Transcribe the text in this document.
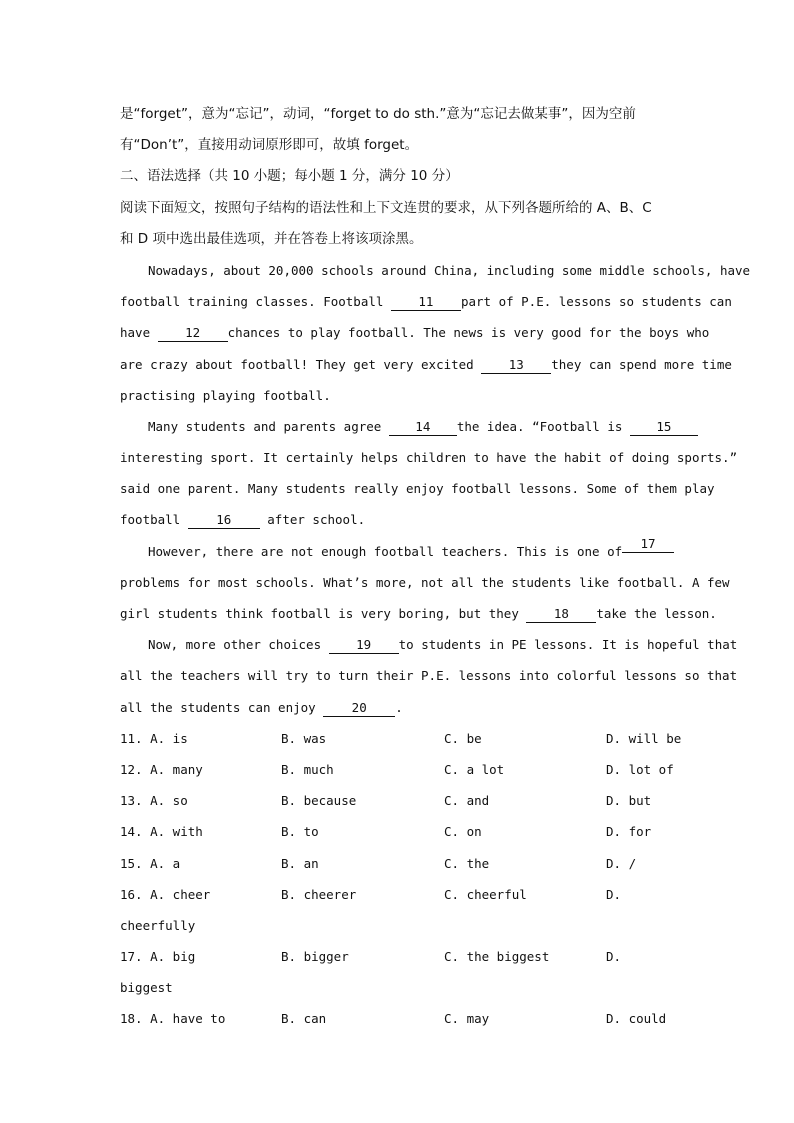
是“forget”，意为“忘记”，动词，“forget to do sth.”意为“忘记去做某事”，因为空前
有“Don’t”，直接用动词原形即可，故填 forget。
二、语法选择（共 10 小题；每小题 1 分，满分 10 分）
阅读下面短文，按照句子结构的语法性和上下文连贯的要求，从下列各题所给的 A、B、C
和 D 项中选出最佳选项，并在答卷上将该项涂黑。
Nowadays, about 20,000 schools around China, including some middle schools, have
football training classes. Football	11	part of P.E. lessons so students can
have	12	chances to play football. The news is very good for the boys who
are crazy about football! They get very excited	13	they can spend more time
practising playing football.
Many students and parents agree	14	the idea. “Football is	15
interesting sport. It certainly helps children to have the habit of doing sports.”
said one parent. Many students really enjoy football lessons. Some of them play
football	16	after school.
However, there are not enough football teachers. This is one of
17
problems for most schools. What’s more, not all the students like football. A few
girl students think football is very boring, but they	18	take the lesson.
Now, more other choices	19	to students in PE lessons. It is hopeful that
all the teachers will try to turn their P.E. lessons into colorful lessons so that
all the students can enjoy	20 .
11. A. is	B. was	C. be	D. will be
12. A. many	B. much	C. a lot	D. lot of
13. A. so	B. because	C. and	D. but
14. A. with	B. to	C. on	D. for
15. A. a	B. an	C. the	D. /
16. A. cheer	B. cheerer	C. cheerful	D.
cheerfully
17. A. big	B. bigger	C. the biggest	D.
biggest
18. A. have to	B. can	C. may	D. could
